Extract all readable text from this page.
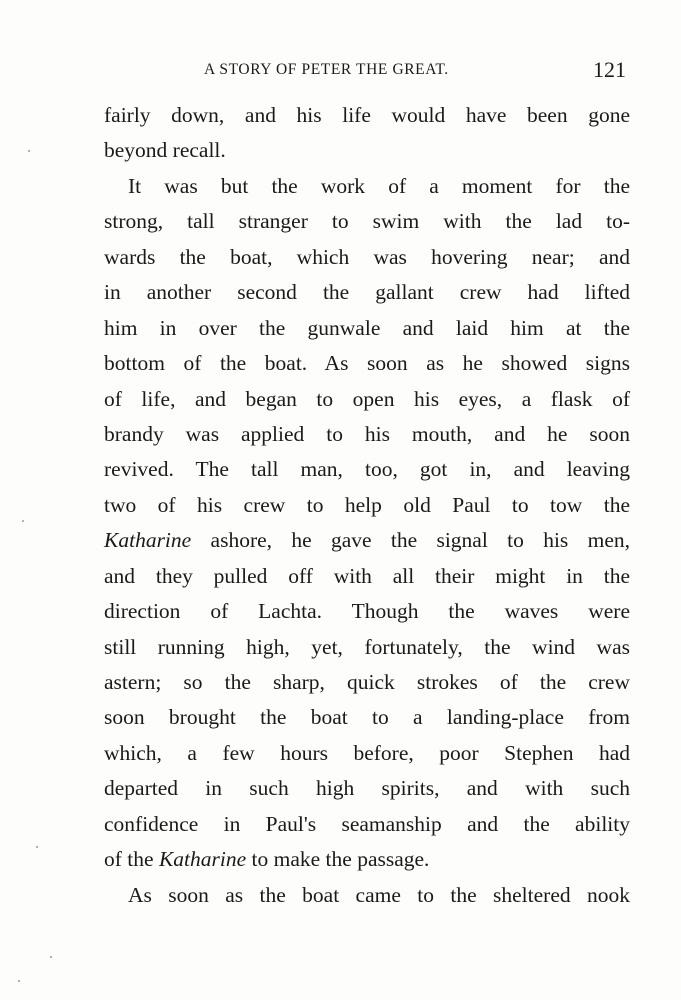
A STORY OF PETER THE GREAT.	121
fairly down, and his life would have been gone
beyond recall.
It was but the work of a moment for the
strong, tall stranger to swim with the lad to-
wards the boat, which was hovering near; and
in another second the gallant crew had lifted
him in over the gunwale and laid him at the
bottom of the boat. As soon as he showed signs
of life, and began to open his eyes, a flask of
brandy was applied to his mouth, and he soon
revived. The tall man, too, got in, and leaving
two of his crew to help old Paul to tow the
Katharine ashore, he gave the signal to his men,
and they pulled off with all their might in the
direction of Lachta. Though the waves were
still running high, yet, fortunately, the wind was
astern; so the sharp, quick strokes of the crew
soon brought the boat to a landing-place from
which, a few hours before, poor Stephen had
departed in such high spirits, and with such
confidence in Paul's seamanship and the ability
of the Katharine to make the passage.
As soon as the boat came to the sheltered nook
